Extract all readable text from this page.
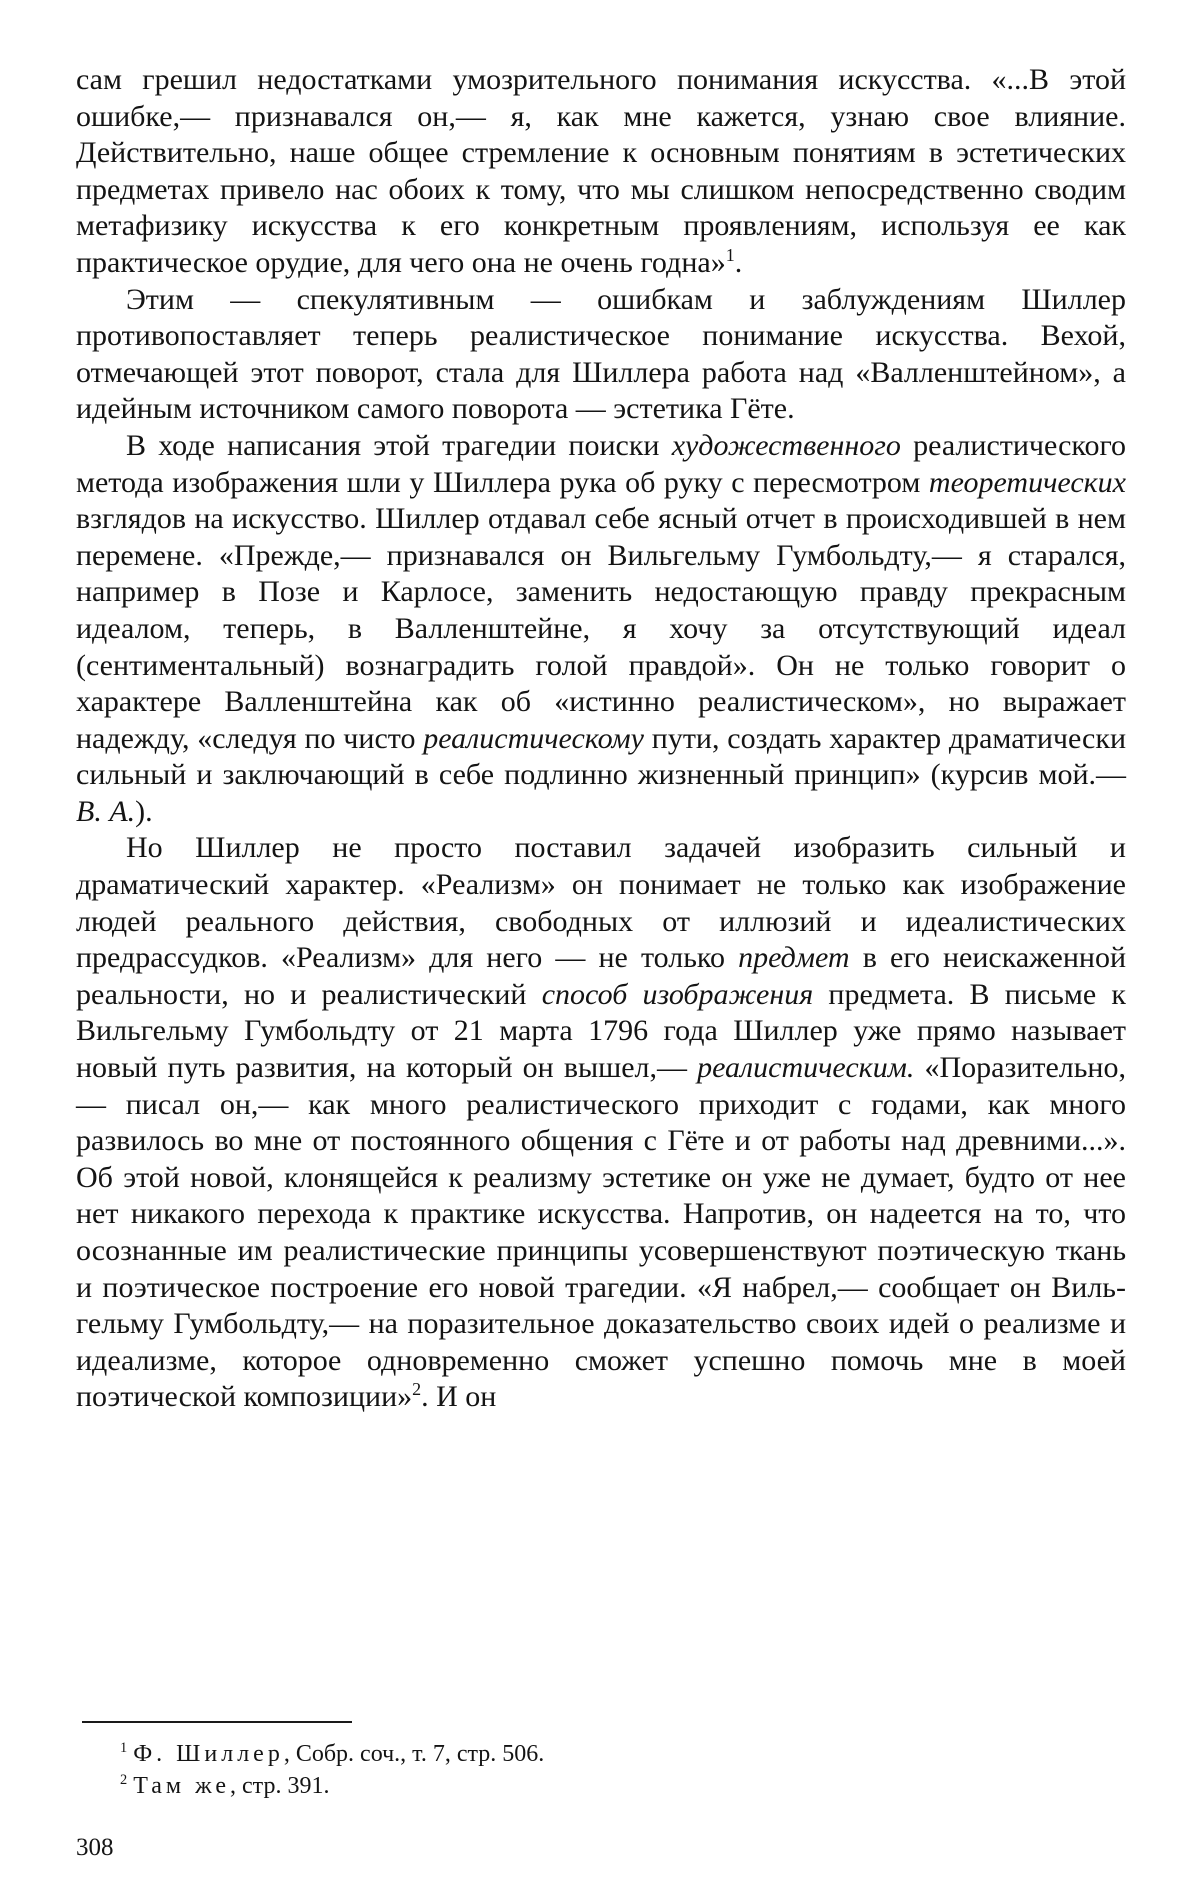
сам грешил недостатками умозрительного понимания искусства. «...В этой ошибке,— признавался он,— я, как мне кажется, узнаю свое влияние. Действительно, наше общее стремление к основным понятиям в эстетических предметах привело нас обоих к тому, что мы слишком непосредственно сводим метафизику искусства к его конкретным проявлениям, используя ее как практическое орудие, для чего она не очень годна»$^1$.

Этим — спекулятивным — ошибкам и заблуждениям Шиллер противопоставляет теперь реалистическое понимание искусства. Вехой, отмечающей этот поворот, стала для Шиллера работа над «Валленштейном», а идейным источником самого поворота — эстетика Гёте.

В ходе написания этой трагедии поиски художественного реалистического метода изображения шли у Шиллера рука об руку с пересмотром теоретических взглядов на искусство. Шиллер отдавал себе ясный отчет в происходившей в нем перемене. «Прежде,— признавался он Вильгельму Гумбольдту,— я старался, например в Позе и Карлосе, заменить недостающую правду прекрасным идеалом, теперь, в Валленштейне, я хочу за отсутствующий идеал (сентиментальный) вознаградить голой правдой». Он не только говорит о характере Валленштейна как об «истинно реалистическом», но выражает надежду, «следуя по чисто реалистическому пути, создать характер драматически сильный и заключающий в себе подлинно жизненный принцип» (курсив мой.— В. А.).

Но Шиллер не просто поставил задачей изобразить сильный и драматический характер. «Реализм» он понимает не только как изображение людей реального действия, свободных от иллюзий и идеалистических предрассудков. «Реализм» для него — не только предмет в его неискаженной реальности, но и реалистический способ изображения предмета. В письме к Вильгельму Гумбольдту от 21 марта 1796 года Шиллер уже прямо называет новый путь развития, на который он вышел,— реалистическим. «Поразительно,— писал он,— как много реалистического приходит с годами, как много развилось во мне от постоянного общения с Гёте и от работы над древними...». Об этой новой, клонящейся к реализму эстетике он уже не думает, будто от нее нет никакого перехода к практике искусства. Напротив, он надеется на то, что осознанные им реалистические принципы усовершенствуют поэтическую ткань и поэтическое построение его новой трагедии. «Я набрел,— сообщает он Вильгельму Гумбольдту,— на поразительное доказательство своих идей о реализме и идеализме, которое одновременно сможет успешно помочь мне в моей поэтической композиции»$^2$. И он

$^1$ Ф. Шиллер, Собр. соч., т. 7, стр. 506.

$^2$ Там же, стр. 391.

308
